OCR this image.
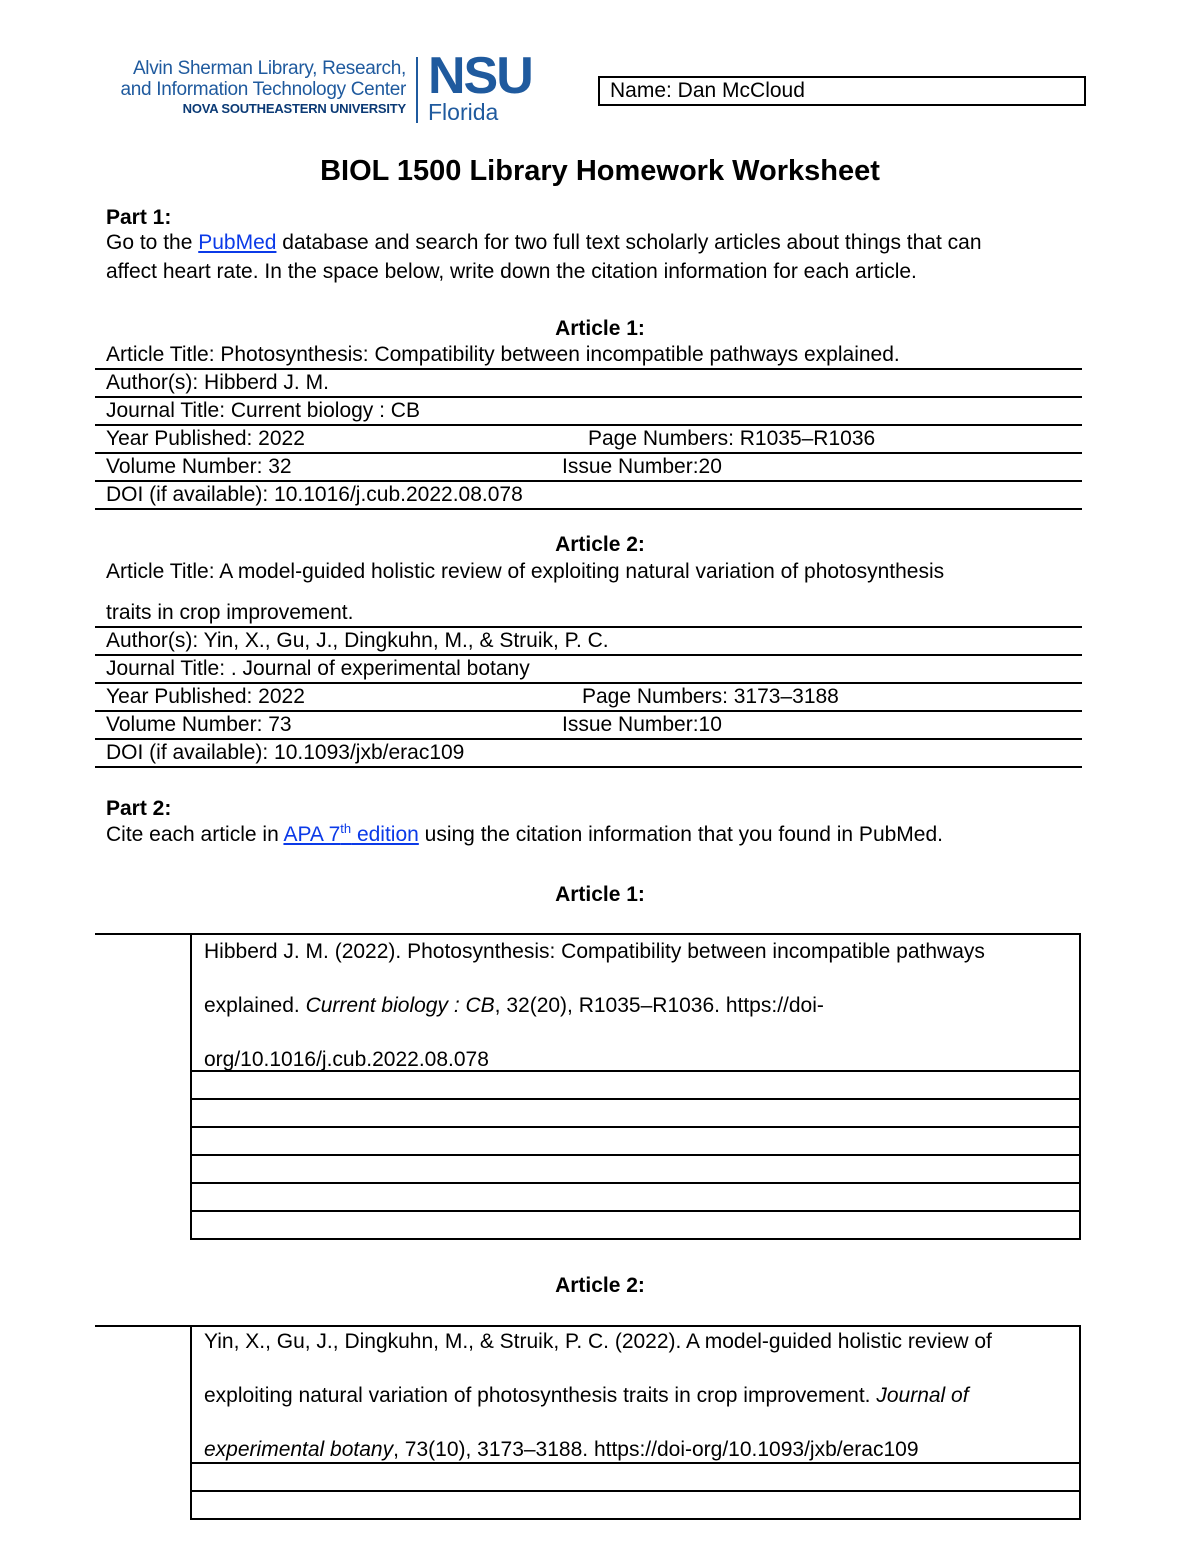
Alvin Sherman Library, Research,
and Information Technology Center
NOVA SOUTHEASTERN UNIVERSITY
NSU
Florida
Name: Dan McCloud
BIOL 1500 Library Homework Worksheet
Part 1:
Go to the PubMed database and search for two full text scholarly articles about things that can
affect heart rate. In the space below, write down the citation information for each article.
Article 1:
Article Title: Photosynthesis: Compatibility between incompatible pathways explained.
Author(s): Hibberd J. M.
Journal Title: Current biology : CB
Year Published: 2022	Page Numbers: R1035–R1036
Volume Number: 32	Issue Number:20
DOI (if available): 10.1016/j.cub.2022.08.078
Article 2:
Article Title: A model-guided holistic review of exploiting natural variation of photosynthesis
traits in crop improvement.
Author(s): Yin, X., Gu, J., Dingkuhn, M., & Struik, P. C.
Journal Title: . Journal of experimental botany
Year Published: 2022	Page Numbers: 3173–3188
Volume Number: 73	Issue Number:10
DOI (if available): 10.1093/jxb/erac109
Part 2:
Cite each article in APA 7th edition using the citation information that you found in PubMed.
Article 1:
Hibberd J. M. (2022). Photosynthesis: Compatibility between incompatible pathways explained. Current biology : CB, 32(20), R1035–R1036. https://doi-org/10.1016/j.cub.2022.08.078
Article 2:
Yin, X., Gu, J., Dingkuhn, M., & Struik, P. C. (2022). A model-guided holistic review of exploiting natural variation of photosynthesis traits in crop improvement. Journal of experimental botany, 73(10), 3173–3188. https://doi-org/10.1093/jxb/erac109
